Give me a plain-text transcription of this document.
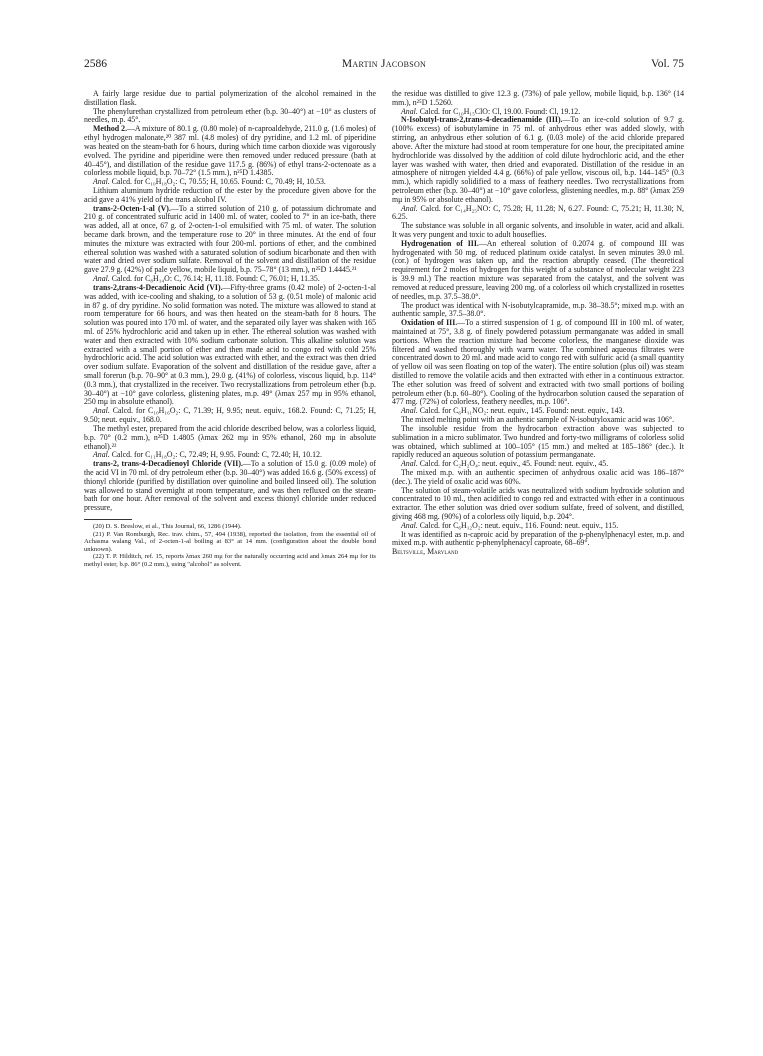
2586	Martin Jacobson	Vol. 75

A fairly large residue due to partial polymerization of the alcohol remained in the distillation flask.

The phenylurethan crystallized from petroleum ether (b.p. 30–40°) at −10° as clusters of needles, m.p. 45°.

Method 2.—A mixture of 80.1 g. (0.80 mole) of n-caproaldehyde, 211.0 g. (1.6 moles) of ethyl hydrogen malonate,²⁰ 387 ml. (4.8 moles) of dry pyridine, and 1.2 ml. of piperidine was heated on the steam-bath for 6 hours, during which time carbon dioxide was vigorously evolved. The pyridine and piperidine were then removed under reduced pressure (bath at 40–45°), and distillation of the residue gave 117.5 g. (86%) of ethyl trans-2-octenoate as a colorless mobile liquid, b.p. 70–72° (1.5 mm.), n²⁵D 1.4385.

Anal. Calcd. for C₁₀H₁₈O₂: C, 70.55; H, 10.65. Found: C, 70.49; H, 10.53.

Lithium aluminum hydride reduction of the ester by the procedure given above for the acid gave a 41% yield of the trans alcohol IV.

trans-2-Octen-1-al (V).—To a stirred solution of 210 g. of potassium dichromate and 210 g. of concentrated sulfuric acid in 1400 ml. of water, cooled to 7° in an ice-bath, there was added, all at once, 67 g. of 2-octen-1-ol emulsified with 75 ml. of water. The solution became dark brown, and the temperature rose to 20° in three minutes. At the end of four minutes the mixture was extracted with four 200-ml. portions of ether, and the combined ethereal solution was washed with a saturated solution of sodium bicarbonate and then with water and dried over sodium sulfate. Removal of the solvent and distillation of the residue gave 27.9 g. (42%) of pale yellow, mobile liquid, b.p. 75–78° (13 mm.), n²⁵D 1.4445.²¹

Anal. Calcd. for C₈H₁₄O: C, 76.14; H, 11.18. Found: C, 76.01; H, 11.35.

trans-2,trans-4-Decadienoic Acid (VI).—Fifty-three grams (0.42 mole) of 2-octen-1-al was added, with ice-cooling and shaking, to a solution of 53 g. (0.51 mole) of malonic acid in 87 g. of dry pyridine. No solid formation was noted. The mixture was allowed to stand at room temperature for 66 hours, and was then heated on the steam-bath for 8 hours. The solution was poured into 170 ml. of water, and the separated oily layer was shaken with 165 ml. of 25% hydrochloric acid and taken up in ether. The ethereal solution was washed with water and then extracted with 10% sodium carbonate solution. This alkaline solution was extracted with a small portion of ether and then made acid to congo red with cold 25% hydrochloric acid. The acid solution was extracted with ether, and the extract was then dried over sodium sulfate. Evaporation of the solvent and distillation of the residue gave, after a small forerun (b.p. 70–90° at 0.3 mm.), 29.0 g. (41%) of colorless, viscous liquid, b.p. 114° (0.3 mm.), that crystallized in the receiver. Two recrystallizations from petroleum ether (b.p. 30–40°) at −10° gave colorless, glistening plates, m.p. 49° (λmax 257 mμ in 95% ethanol, 250 mμ in absolute ethanol).

Anal. Calcd. for C₁₀H₁₆O₂: C, 71.39; H, 9.95; neut. equiv., 168.2. Found: C, 71.25; H, 9.50; neut. equiv., 168.0.

The methyl ester, prepared from the acid chloride described below, was a colorless liquid, b.p. 70° (0.2 mm.), n²⁵D 1.4805 (λmax 262 mμ in 95% ethanol, 260 mμ in absolute ethanol).²²

Anal. Calcd. for C₁₁H₁₈O₂: C, 72.49; H, 9.95. Found: C, 72.40; H, 10.12.

trans-2, trans-4-Decadienoyl Chloride (VII).—To a solution of 15.0 g. (0.09 mole) of the acid VI in 70 ml. of dry petroleum ether (b.p. 30–40°) was added 16.6 g. (50% excess) of thionyl chloride (purified by distillation over quinoline and boiled linseed oil). The solution was allowed to stand overnight at room temperature, and was then refluxed on the steam-bath for one hour. After removal of the solvent and excess thionyl chloride under reduced pressure,

(20) D. S. Breslow, et al., This Journal, 66, 1286 (1944).

(21) P. Van Romburgh, Rec. trav. chim., 57, 494 (1938), reported the isolation, from the essential oil of Achasma walang Val., of 2-octen-1-al boiling at 83° at 14 mm. (configuration about the double bond unknown).

(22) T. P. Hilditch, ref. 15, reports λmax 260 mμ for the naturally occurring acid and λmax 264 mμ for its methyl ester, b.p. 86° (0.2 mm.), using "alcohol" as solvent.

the residue was distilled to give 12.3 g. (73%) of pale yellow, mobile liquid, b.p. 136° (14 mm.), n²⁵D 1.5260.

Anal. Calcd. for C₁₀H₁₅ClO: Cl, 19.00. Found: Cl, 19.12.

N-Isobutyl-trans-2,trans-4-decadienamide (III).—To an ice-cold solution of 9.7 g. (100% excess) of isobutylamine in 75 ml. of anhydrous ether was added slowly, with stirring, an anhydrous ether solution of 6.1 g. (0.03 mole) of the acid chloride prepared above. After the mixture had stood at room temperature for one hour, the precipitated amine hydrochloride was dissolved by the addition of cold dilute hydrochloric acid, and the ether layer was washed with water, then dried and evaporated. Distillation of the residue in an atmosphere of nitrogen yielded 4.4 g. (66%) of pale yellow, viscous oil, b.p. 144–145° (0.3 mm.), which rapidly solidified to a mass of feathery needles. Two recrystallizations from petroleum ether (b.p. 30–40°) at −10° gave colorless, glistening needles, m.p. 88° (λmax 259 mμ in 95% or absolute ethanol).

Anal. Calcd. for C₁₄H₂₅NO: C, 75.28; H, 11.28; N, 6.27. Found: C, 75.21; H, 11.30; N, 6.25.

The substance was soluble in all organic solvents, and insoluble in water, acid and alkali. It was very pungent and toxic to adult houseflies.

Hydrogenation of III.—An ethereal solution of 0.2074 g. of compound III was hydrogenated with 50 mg. of reduced platinum oxide catalyst. In seven minutes 39.0 ml. (cor.) of hydrogen was taken up, and the reaction abruptly ceased. (The theoretical requirement for 2 moles of hydrogen for this weight of a substance of molecular weight 223 is 39.9 ml.) The reaction mixture was separated from the catalyst, and the solvent was removed at reduced pressure, leaving 200 mg. of a colorless oil which crystallized in rosettes of needles, m.p. 37.5–38.0°.

The product was identical with N-isobutylcapramide, m.p. 38–38.5°; mixed m.p. with an authentic sample, 37.5–38.0°.

Oxidation of III.—To a stirred suspension of 1 g. of compound III in 100 ml. of water, maintained at 75°, 3.8 g. of finely powdered potassium permanganate was added in small portions. When the reaction mixture had become colorless, the manganese dioxide was filtered and washed thoroughly with warm water. The combined aqueous filtrates were concentrated down to 20 ml. and made acid to congo red with sulfuric acid (a small quantity of yellow oil was seen floating on top of the water). The entire solution (plus oil) was steam distilled to remove the volatile acids and then extracted with ether in a continuous extractor. The ether solution was freed of solvent and extracted with two small portions of boiling petroleum ether (b.p. 60–80°). Cooling of the hydrocarbon solution caused the separation of 477 mg. (72%) of colorless, feathery needles, m.p. 106°.

Anal. Calcd. for C₆H₁₁NO₂: neut. equiv., 145. Found: neut. equiv., 143.

The mixed melting point with an authentic sample of N-isobutyloxamic acid was 106°.

The insoluble residue from the hydrocarbon extraction above was subjected to sublimation in a micro sublimator. Two hundred and forty-two milligrams of colorless solid was obtained, which sublimed at 100–105° (15 mm.) and melted at 185–186° (dec.). It rapidly reduced an aqueous solution of potassium permanganate.

Anal. Calcd. for C₂H₂O₄: neut. equiv., 45. Found: neut. equiv., 45.

The mixed m.p. with an authentic specimen of anhydrous oxalic acid was 186–187° (dec.). The yield of oxalic acid was 60%.

The solution of steam-volatile acids was neutralized with sodium hydroxide solution and concentrated to 10 ml., then acidified to congo red and extracted with ether in a continuous extractor. The ether solution was dried over sodium sulfate, freed of solvent, and distilled, giving 468 mg. (90%) of a colorless oily liquid, b.p. 204°.

Anal. Calcd. for C₆H₁₂O₂: neut. equiv., 116. Found: neut. equiv., 115.

It was identified as n-caproic acid by preparation of the p-phenylphenacyl ester, m.p. and mixed m.p. with authentic p-phenylphenacyl caproate, 68–69°.

Beltsville, Maryland
